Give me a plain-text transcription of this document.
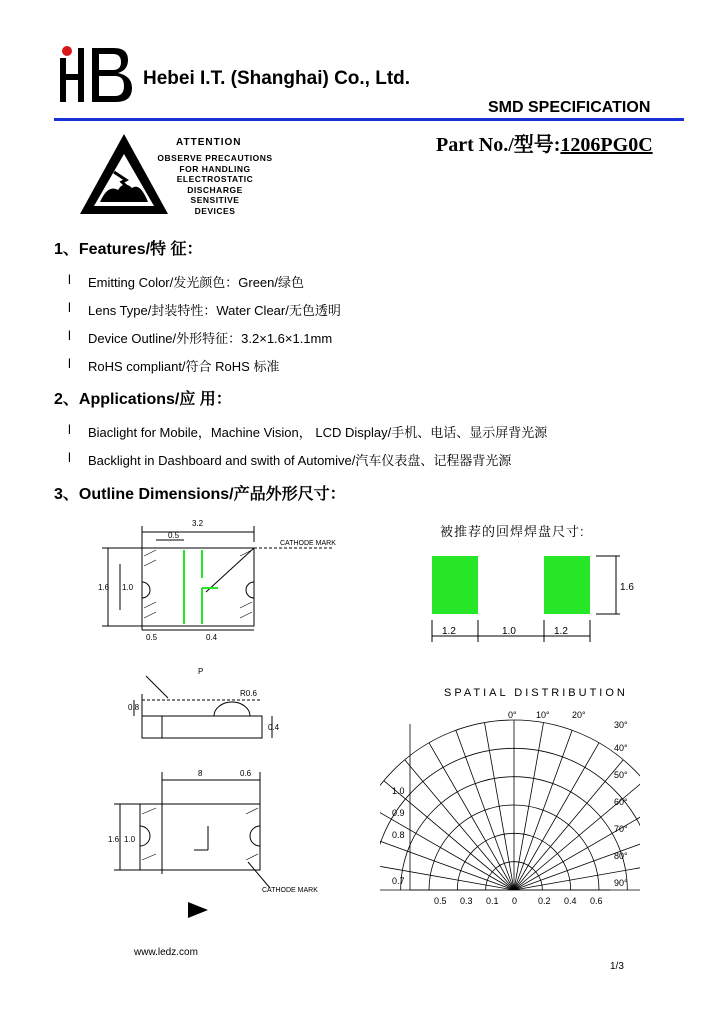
HB
Hebei I.T. (Shanghai) Co., Ltd.
SMD SPECIFICATION
ATTENTION
OBSERVE PRECAUTIONS
FOR HANDLING
ELECTROSTATIC
DISCHARGE
SENSITIVE
DEVICES
Part No./型号:1206PG0C
1、Features/特 征：
l Emitting Color/发光颜色：Green/绿色
l Lens Type/封装特性：Water Clear/无色透明
l Device Outline/外形特征：3.2×1.6×1.1mm
l RoHS compliant/符合 RoHS 标准
2、Applications/应 用：
l Biaclight for Mobile，Machine Vision， LCD Display/手机、电话、显示屏背光源
l Backlight in Dashboard and swith of Automive/汽车仪表盘、记程器背光源
3、Outline Dimensions/产品外形尺寸：
3.2
0.5
CATHODE MARK
1.6 1.0
0.5	0.4
P
R0.6
0.8
0.4
8	0.6
1.6 1.0
CATHODE MARK
被推荐的回焊焊盘尺寸:
1.2	1.0	1.2
1.6
SPATIAL DISTRIBUTION
0° 10° 20°
30°
40°
50°
60°
70°
80°
90°
1.0
0.9
0.8
0.7
0.5 0.3 0.1 0 0.2 0.4 0.6
www.ledz.com
1/3
